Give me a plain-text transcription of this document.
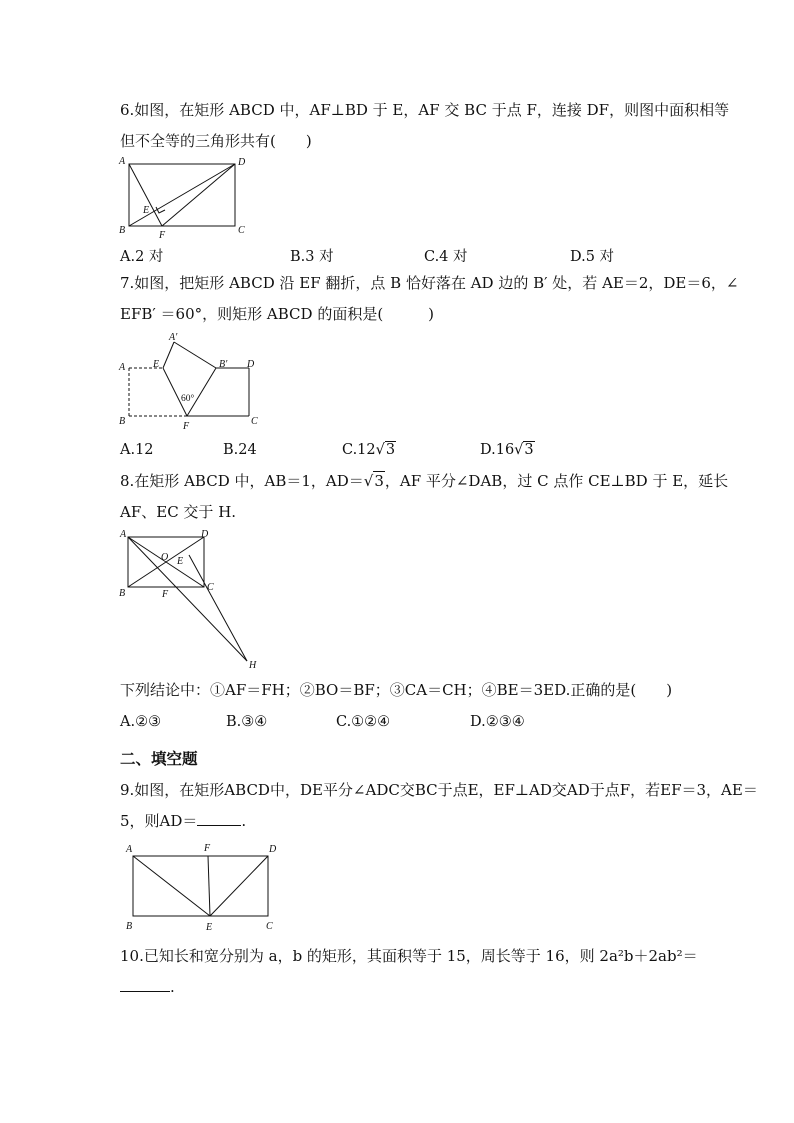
6.如图，在矩形 ABCD 中，AF⊥BD 于 E，AF 交 BC 于点 F，连接 DF，则图中面积相等
但不全等的三角形共有(　　)
A	D
B	C
E
F
A.2 对	B.3 对	C.4 对	D.5 对
7.如图，把矩形 ABCD 沿 EF 翻折，点 B 恰好落在 AD 边的 B′ 处，若 AE＝2，DE＝6，∠
EFB′ ＝60°，则矩形 ABCD 的面积是(　　　)
A
B	C
D
E
F
A′
B′
60°
A.12	B.24	C.12√3	D.16√3
8.在矩形 ABCD 中，AB＝1，AD＝√3，AF 平分∠DAB，过 C 点作 CE⊥BD 于 E，延长
AF、EC 交于 H.
A	D
B
C
O E
F
H
下列结论中：①AF＝FH；②BO＝BF；③CA＝CH；④BE＝3ED.正确的是(　　)
A.②③	B.③④	C.①②④	D.②③④
二、填空题
9.如图，在矩形ABCD中，DE平分∠ADC交BC于点E，EF⊥AD交AD于点F，若EF＝3，AE＝
5，则AD＝	.
A	F	D
B	E	C
10.已知长和宽分别为 a，b 的矩形，其面积等于 15，周长等于 16，则 2a²b＋2ab²＝
.
